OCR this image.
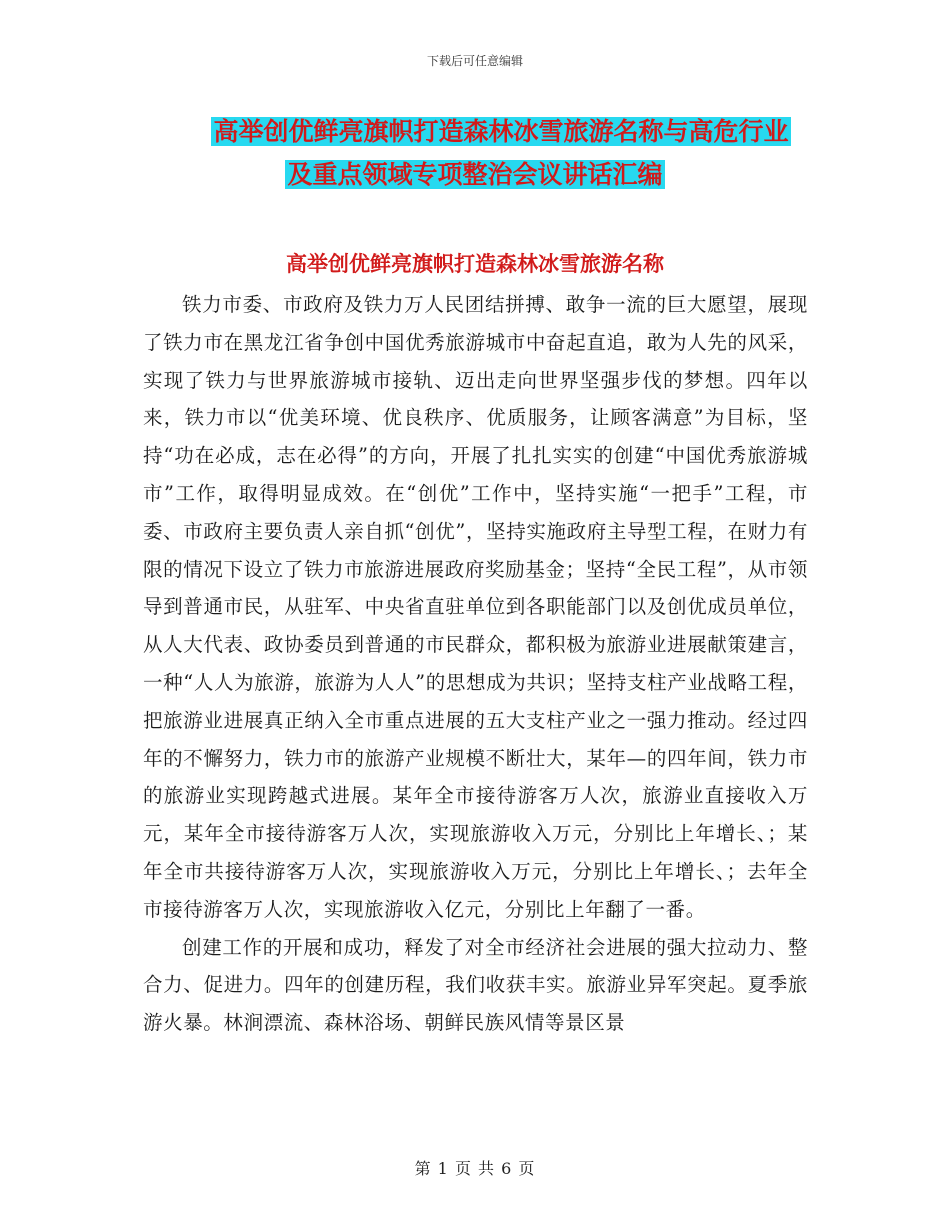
下载后可任意编辑
高举创优鲜亮旗帜打造森林冰雪旅游名称与高危行业
及重点领域专项整治会议讲话汇编
高举创优鲜亮旗帜打造森林冰雪旅游名称

铁力市委、市政府及铁力万人民团结拼搏、敢争一流的巨大愿望，展现了铁力市在黑龙江省争创中国优秀旅游城市中奋起直追，敢为人先的风采，实现了铁力与世界旅游城市接轨、迈出走向世界坚强步伐的梦想。四年以来，铁力市以“优美环境、优良秩序、优质服务，让顾客满意”为目标，坚持“功在必成，志在必得”的方向，开展了扎扎实实的创建“中国优秀旅游城市”工作，取得明显成效。在“创优”工作中，坚持实施“一把手”工程，市委、市政府主要负责人亲自抓“创优”，坚持实施政府主导型工程，在财力有限的情况下设立了铁力市旅游进展政府奖励基金；坚持“全民工程”，从市领导到普通市民，从驻军、中央省直驻单位到各职能部门以及创优成员单位，从人大代表、政协委员到普通的市民群众，都积极为旅游业进展献策建言，一种“人人为旅游，旅游为人人”的思想成为共识；坚持支柱产业战略工程，把旅游业进展真正纳入全市重点进展的五大支柱产业之一强力推动。经过四年的不懈努力，铁力市的旅游产业规模不断壮大，某年—的四年间，铁力市的旅游业实现跨越式进展。某年全市接待游客万人次，旅游业直接收入万元，某年全市接待游客万人次，实现旅游收入万元，分别比上年增长、；某年全市共接待游客万人次，实现旅游收入万元，分别比上年增长、；去年全市接待游客万人次，实现旅游收入亿元，分别比上年翻了一番。

创建工作的开展和成功，释发了对全市经济社会进展的强大拉动力、整合力、促进力。四年的创建历程，我们收获丰实。旅游业异军突起。夏季旅游火暴。林涧漂流、森林浴场、朝鲜民族风情等景区景

第 1 页 共 6 页
